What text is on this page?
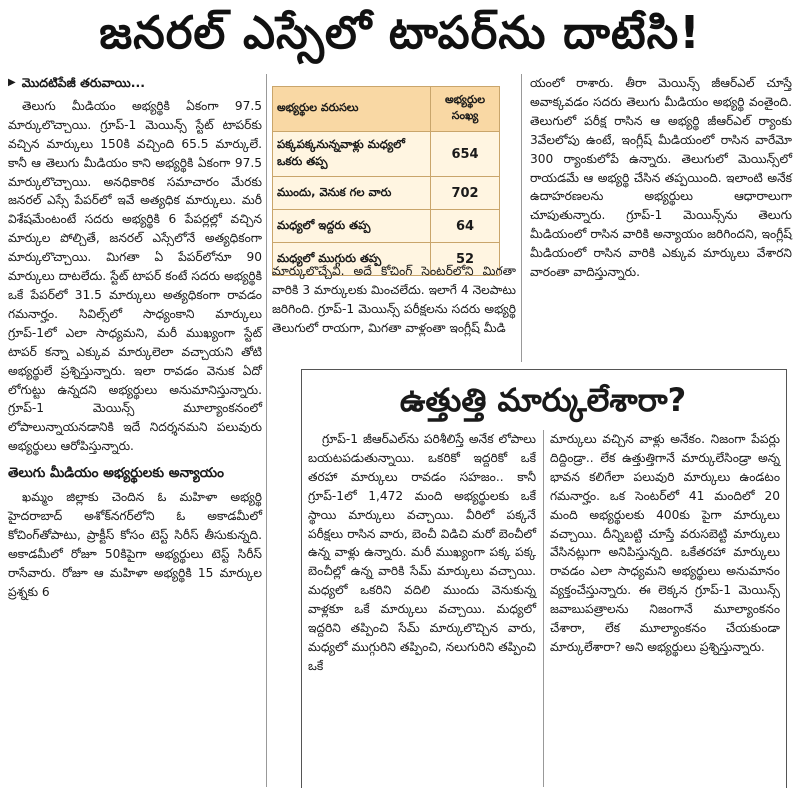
జనరల్ ఎస్సేలో టాపర్‌ను దాటేసి!
▶ మొదటిపేజీ తరువాయి...

తెలుగు మీడియం అభ్యర్థికి ఏకంగా 97.5 మార్కులొచ్చాయి. గ్రూప్-1 మెయిన్స్ స్టేట్ టాపర్‌కు వచ్చిన మార్కులు 150కి వచ్చింది 65.5 మార్కులే. కానీ ఆ తెలుగు మీడియం కాని అభ్యర్థికి ఏకంగా 97.5 మార్కులొచ్చాయి. అనధికారిక సమాచారం మేరకు జనరల్ ఎస్సే పేపర్‌లో ఇవే అత్యధిక మార్కులు. మరీ విశేషమేంటంటే సదరు అభ్యర్థికి 6 పేపర్లల్లో వచ్చిన మార్కుల పోల్చితే, జనరల్ ఎస్సేలోనే అత్యధికంగా మార్కులొచ్చాయి. మిగతా ఏ పేపర్‌లోనూ 90 మార్కులు దాటలేదు. స్టేట్ టాపర్ కంటే సదరు అభ్యర్థికి ఒకే పేపర్‌లో 31.5 మార్కులు అత్యధికంగా రావడం గమనార్హం. సివిల్స్‌లో సాధ్యంకాని మార్కులు గ్రూప్-1లో ఎలా సాధ్యమని, మరీ ముఖ్యంగా స్టేట్ టాపర్ కన్నా ఎక్కువ మార్కులెలా వచ్చాయని తోటి అభ్యర్థులే ప్రశ్నిస్తున్నారు. ఇలా రావడం వెనుక ఏదో లోగుట్టు ఉన్నదని అభ్యర్థులు అనుమానిస్తున్నారు. గ్రూప్-1 మెయిన్స్ మూల్యాంకనంలో లోపాలున్నాయనడానికి ఇదే నిదర్శనమని పలువురు అభ్యర్థులు ఆరోపిస్తున్నారు.

తెలుగు మీడియం అభ్యర్థులకు అన్యాయం

ఖమ్మం జిల్లాకు చెందిన ఓ మహిళా అభ్యర్థి హైదరాబాద్ అశోక్‌నగర్‌లోని ఓ అకాడమీలో కోచింగ్‌తోపాటు, ప్రాక్టీస్ కోసం టెస్ట్ సిరీస్ తీసుకున్నది. అకాడమీలో రోజూ 50కిపైగా అభ్యర్థులు టెస్ట్ సిరీస్ రాసేవారు. రోజూ ఆ మహిళా అభ్యర్థికి 15 మార్కుల ప్రశ్నకు 6

అభ్యర్థుల వరుసలు	అభ్యర్థుల సంఖ్య
పక్కపక్కనున్నవాళ్లు మధ్యలో ఒకరు తప్ప	654
ముందు, వెనుక గల వారు	702
మధ్యలో ఇద్దరు తప్ప	64
మధ్యలో ముగ్గురు తప్ప	52

మార్కులొచ్చేవి. అదే కోచింగ్ సెంటర్‌లోని మిగతా వారికి 3 మార్కులకు మించలేదు. ఇలాగే 4 నెలపాటు జరిగింది. గ్రూప్-1 మెయిన్స్ పరీక్షలను సదరు అభ్యర్థి తెలుగులో రాయగా, మిగతా వాళ్లంతా ఇంగ్లీష్ మీడి

యంలో రాశారు. తీరా మెయిన్స్ జీఆర్ఎల్ చూస్తే అవాక్కవడం సదరు తెలుగు మీడియం అభ్యర్థి వంతైంది. తెలుగులో పరీక్ష రాసిన ఆ అభ్యర్థి జీఆర్ఎల్ ర్యాంకు 3వేలలోపు ఉంటే, ఇంగ్లీష్ మీడియంలో రాసిన వారేమో 300 ర్యాంకులోపే ఉన్నారు. తెలుగులో మెయిన్స్‌లో రాయడమే ఆ అభ్యర్థి చేసిన తప్పయింది. ఇలాంటి అనేక ఉదాహరణలను అభ్యర్థులు ఆధారాలుగా చూపుతున్నారు. గ్రూప్-1 మెయిన్స్‌ను తెలుగు మీడియంలో రాసిన వారికి అన్యాయం జరిగిందని, ఇంగ్లీష్ మీడియంలో రాసిన వారికి ఎక్కువ మార్కులు వేశారని వారంతా వాదిస్తున్నారు.

ఉత్తుత్తి మార్కులేశారా?

గ్రూప్-1 జీఆర్ఎల్‌ను పరిశీలిస్తే అనేక లోపాలు బయటపడుతున్నాయి. ఒకరికో ఇద్దరికో ఒకే తరహా మార్కులు రావడం సహజం.. కానీ గ్రూప్-1లో 1,472 మంది అభ్యర్థులకు ఒకే స్థాయి మార్కులు వచ్చాయి. వీరిలో పక్కనే పరీక్షలు రాసిన వారు, బెంచీ విడిచి మరో బెంచీలో ఉన్న వాళ్లు ఉన్నారు. మరీ ముఖ్యంగా పక్క పక్క బెంచీల్లో ఉన్న వారికి సేమ్ మార్కులు వచ్చాయి. మధ్యలో ఒకరిని వదిలి ముందు వెనుకున్న వాళ్లకూ ఒకే మార్కులు వచ్చాయి. మధ్యలో ఇద్దరిని తప్పించి సేమ్ మార్కులొచ్చిన వారు, మధ్యలో ముగ్గురిని తప్పించి, నలుగురిని తప్పించి ఒకే

మార్కులు వచ్చిన వాళ్లు అనేకం. నిజంగా పేపర్లు దిద్దిండ్రా.. లేక ఉత్తుత్తిగానే మార్కులేసిండ్రా అన్న భావన కలిగేలా పలువురి మార్కులు ఉండటం గమనార్హం. ఒక సెంటర్‌లో 41 మందిలో 20 మంది అభ్యర్థులకు 400కు పైగా మార్కులు వచ్చాయి. దీన్నిబట్టి చూస్తే వరుసబెట్టి మార్కులు వేసినట్లుగా అనిపిస్తున్నది. ఒకేతరహా మార్కులు రావడం ఎలా సాధ్యమని అభ్యర్థులు అనుమానం వ్యక్తంచేస్తున్నారు. ఈ లెక్కన గ్రూప్-1 మెయిన్స్ జవాబుపత్రాలను నిజంగానే మూల్యాంకనం చేశారా, లేక మూల్యాంకనం చేయకుండా మార్కులేశారా? అని అభ్యర్థులు ప్రశ్నిస్తున్నారు.
